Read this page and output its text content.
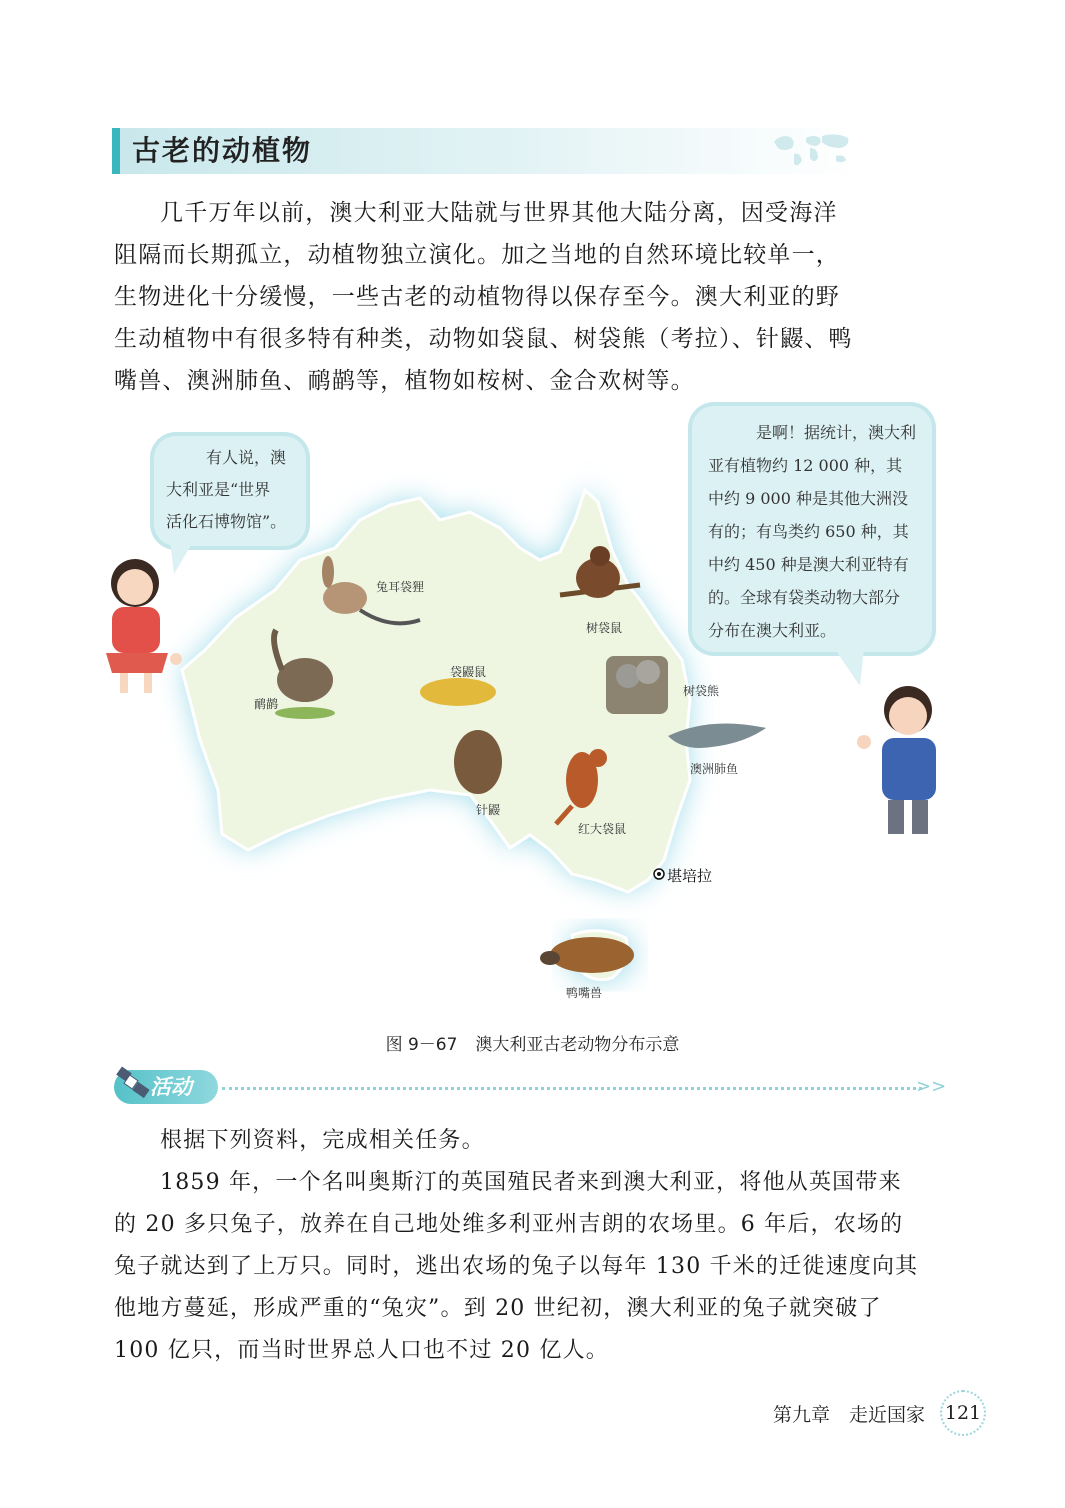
古老的动植物
几千万年以前，澳大利亚大陆就与世界其他大陆分离，因受海洋
阻隔而长期孤立，动植物独立演化。加之当地的自然环境比较单一，
生物进化十分缓慢，一些古老的动植物得以保存至今。澳大利亚的野
生动植物中有很多特有种类，动物如袋鼠、树袋熊（考拉）、针鼹、鸭
嘴兽、澳洲肺鱼、鸸鹋等，植物如桉树、金合欢树等。
兔耳袋狸
树袋鼠
袋鼹鼠
树袋熊
鸸鹋
澳洲肺鱼
针鼹
红大袋鼠
鸭嘴兽
堪培拉
有人说，澳
大利亚是“世界
活化石博物馆”。
是啊！据统计，澳大利
亚有植物约 12 000 种，其
中约 9 000 种是其他大洲没
有的；有鸟类约 650 种，其
中约 450 种是澳大利亚特有
的。全球有袋类动物大部分
分布在澳大利亚。
图 9－67 澳大利亚古老动物分布示意
活动	>>
根据下列资料，完成相关任务。
1859 年，一个名叫奥斯汀的英国殖民者来到澳大利亚，将他从英国带来
的 20 多只兔子，放养在自己地处维多利亚州吉朗的农场里。6 年后，农场的
兔子就达到了上万只。同时，逃出农场的兔子以每年 130 千米的迁徙速度向其
他地方蔓延，形成严重的“兔灾”。到 20 世纪初，澳大利亚的兔子就突破了
100 亿只，而当时世界总人口也不过 20 亿人。
第九章　走近国家 121
